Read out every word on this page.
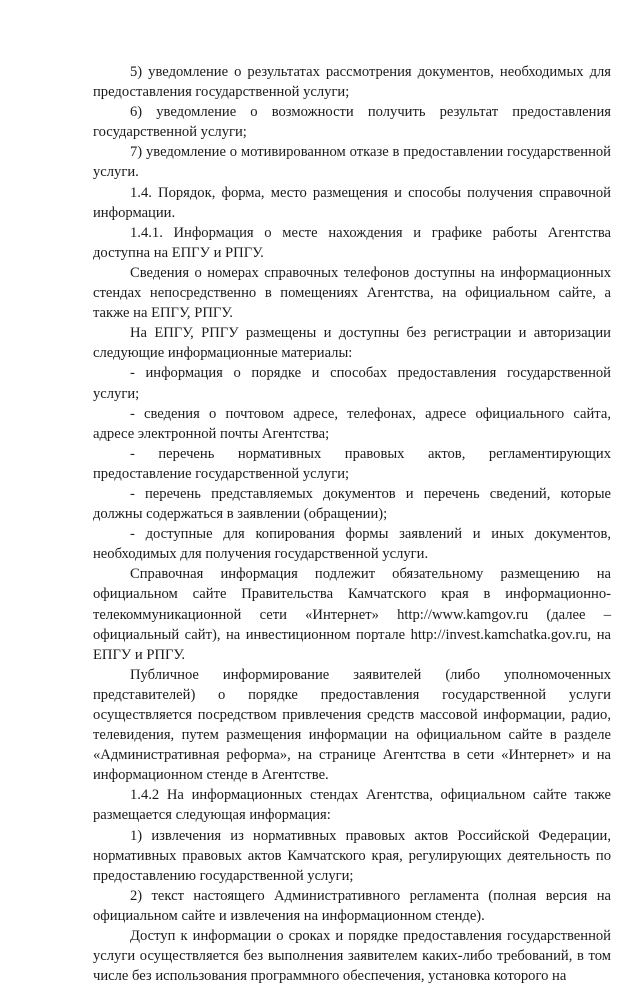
5) уведомление о результатах рассмотрения документов, необходимых для предоставления государственной услуги;

6) уведомление о возможности получить результат предоставления государственной услуги;

7) уведомление о мотивированном отказе в предоставлении государственной услуги.

1.4. Порядок, форма, место размещения и способы получения справочной информации.

1.4.1. Информация о месте нахождения и графике работы Агентства доступна на ЕПГУ и РПГУ.

Сведения о номерах справочных телефонов доступны на информационных стендах непосредственно в помещениях Агентства, на официальном сайте, а также на ЕПГУ, РПГУ.

На ЕПГУ, РПГУ размещены и доступны без регистрации и авторизации следующие информационные материалы:

- информация о порядке и способах предоставления государственной услуги;

- сведения о почтовом адресе, телефонах, адресе официального сайта, адресе электронной почты Агентства;

- перечень нормативных правовых актов, регламентирующих предоставление государственной услуги;

- перечень представляемых документов и перечень сведений, которые должны содержаться в заявлении (обращении);

- доступные для копирования формы заявлений и иных документов, необходимых для получения государственной услуги.

Справочная информация подлежит обязательному размещению на официальном сайте Правительства Камчатского края в информационно-телекоммуникационной сети «Интернет» http://www.kamgov.ru (далее – официальный сайт), на инвестиционном портале http://invest.kamchatka.gov.ru, на ЕПГУ и РПГУ.

Публичное информирование заявителей (либо уполномоченных представителей) о порядке предоставления государственной услуги осуществляется посредством привлечения средств массовой информации, радио, телевидения, путем размещения информации на официальном сайте в разделе «Административная реформа», на странице Агентства в сети «Интернет» и на информационном стенде в Агентстве.

1.4.2 На информационных стендах Агентства, официальном сайте также размещается следующая информация:

1) извлечения из нормативных правовых актов Российской Федерации, нормативных правовых актов Камчатского края, регулирующих деятельность по предоставлению государственной услуги;

2) текст настоящего Административного регламента (полная версия на официальном сайте и извлечения на информационном стенде).

Доступ к информации о сроках и порядке предоставления государственной услуги осуществляется без выполнения заявителем каких-либо требований, в том числе без использования программного обеспечения, установка которого на
